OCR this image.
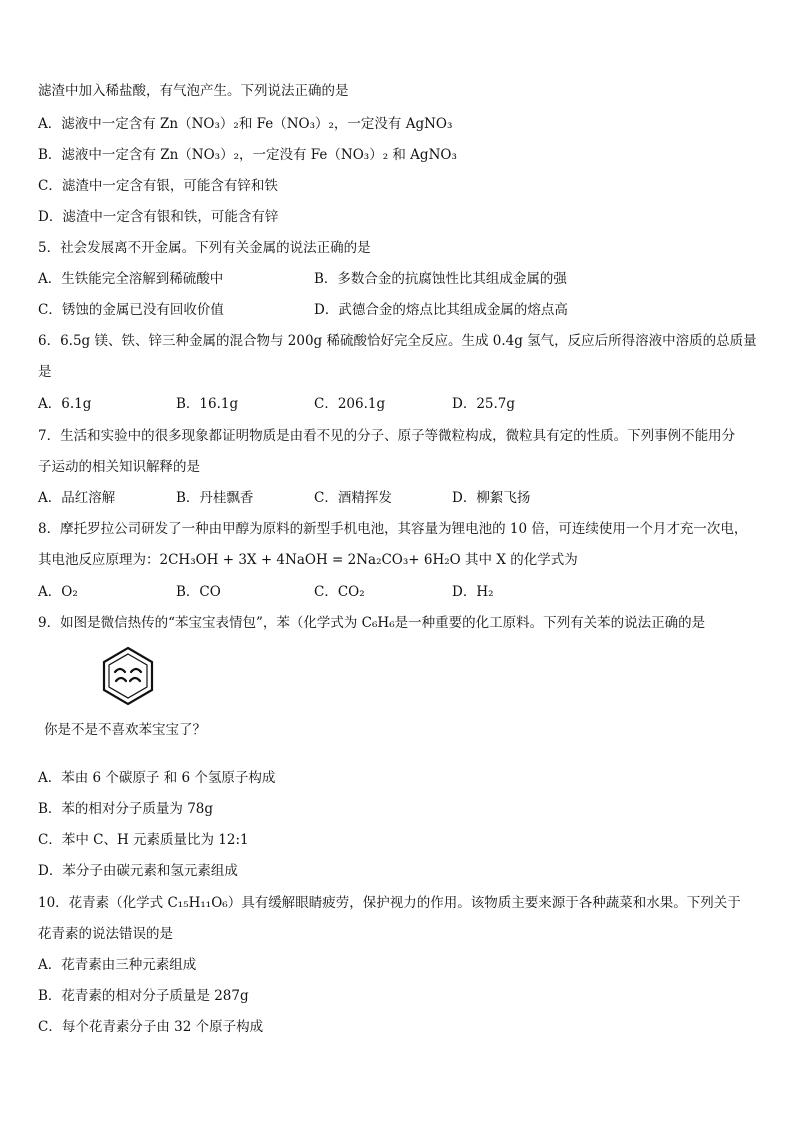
滤渣中加入稀盐酸，有气泡产生。下列说法正确的是
A．滤液中一定含有 Zn（NO₃）₂和 Fe（NO₃）₂，一定没有 AgNO₃
B．滤液中一定含有 Zn（NO₃）₂，一定没有 Fe（NO₃）₂ 和 AgNO₃
C．滤渣中一定含有银，可能含有锌和铁
D．滤渣中一定含有银和铁，可能含有锌
5．社会发展离不开金属。下列有关金属的说法正确的是
A．生铁能完全溶解到稀硫酸中	B．多数合金的抗腐蚀性比其组成金属的强
C．锈蚀的金属已没有回收价值	D．武德合金的熔点比其组成金属的熔点高
6．6.5g 镁、铁、锌三种金属的混合物与 200g 稀硫酸恰好完全反应。生成 0.4g 氢气，反应后所得溶液中溶质的总质量
是
A．6.1g	B．16.1g	C．206.1g	D．25.7g
7．生活和实验中的很多现象都证明物质是由看不见的分子、原子等微粒构成，微粒具有定的性质。下列事例不能用分
子运动的相关知识解释的是
A．品红溶解	B．丹桂飘香	C．酒精挥发	D．柳絮飞扬
8．摩托罗拉公司研发了一种由甲醇为原料的新型手机电池，其容量为锂电池的 10 倍，可连续使用一个月才充一次电，
其电池反应原理为：2CH₃OH + 3X + 4NaOH = 2Na₂CO₃+ 6H₂O 其中 X 的化学式为
A．O₂	B．CO	C．CO₂	D．H₂
9．如图是微信热传的“苯宝宝表情包”，苯（化学式为 C₆H₆是一种重要的化工原料。下列有关苯的说法正确的是
你是不是不喜欢苯宝宝了？
A．苯由 6 个碳原子 和 6 个氢原子构成
B．苯的相对分子质量为 78g
C．苯中 C、H 元素质量比为 12:1
D．苯分子由碳元素和氢元素组成
10．花青素（化学式 C₁₅H₁₁O₆）具有缓解眼睛疲劳，保护视力的作用。该物质主要来源于各种蔬菜和水果。下列关于
花青素的说法错误的是
A．花青素由三种元素组成
B．花青素的相对分子质量是 287g
C．每个花青素分子由 32 个原子构成
